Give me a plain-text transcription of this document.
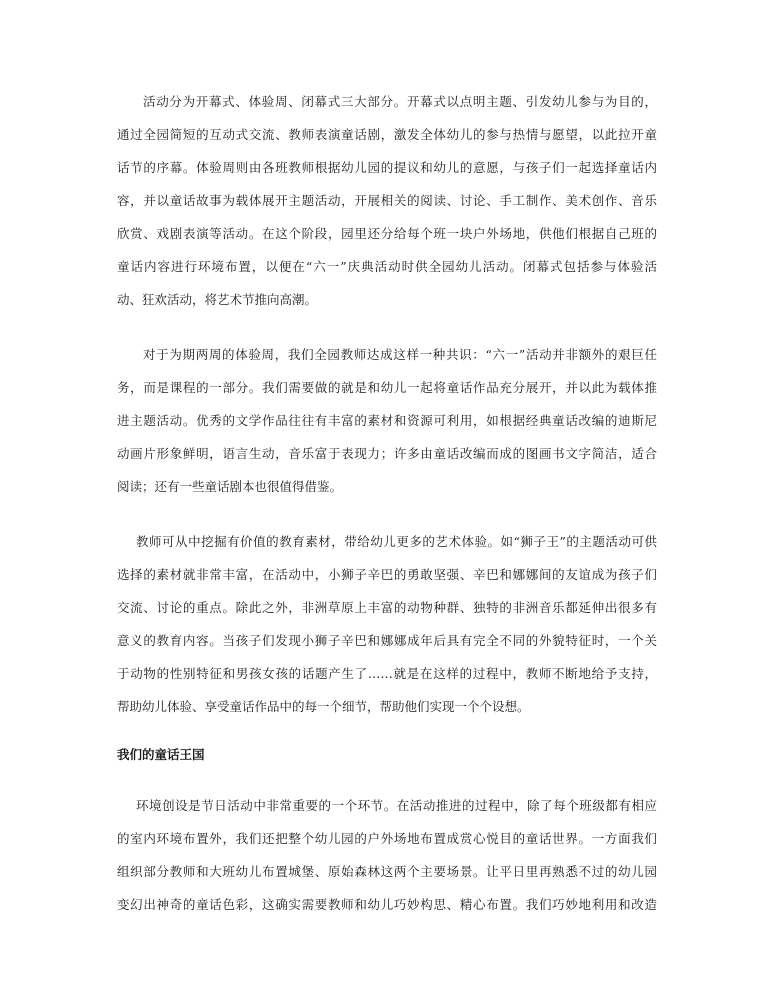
活动分为开幕式、体验周、闭幕式三大部分。开幕式以点明主题、引发幼儿参与为目的，
通过全园简短的互动式交流、教师表演童话剧，激发全体幼儿的参与热情与愿望，以此拉开童
话节的序幕。体验周则由各班教师根据幼儿园的提议和幼儿的意愿，与孩子们一起选择童话内
容，并以童话故事为载体展开主题活动，开展相关的阅读、讨论、手工制作、美术创作、音乐
欣赏、戏剧表演等活动。在这个阶段，园里还分给每个班一块户外场地，供他们根据自己班的
童话内容进行环境布置，以便在“六一”庆典活动时供全园幼儿活动。闭幕式包括参与体验活
动、狂欢活动，将艺术节推向高潮。
对于为期两周的体验周，我们全园教师达成这样一种共识：“六一”活动并非额外的艰巨任
务，而是课程的一部分。我们需要做的就是和幼儿一起将童话作品充分展开，并以此为载体推
进主题活动。优秀的文学作品往往有丰富的素材和资源可利用，如根据经典童话改编的迪斯尼
动画片形象鲜明，语言生动，音乐富于表现力；许多由童话改编而成的图画书文字简洁，适合
阅读；还有一些童话剧本也很值得借鉴。
教师可从中挖掘有价值的教育素材，带给幼儿更多的艺术体验。如“狮子王”的主题活动可供
选择的素材就非常丰富，在活动中，小狮子辛巴的勇敢坚强、辛巴和娜娜间的友谊成为孩子们
交流、讨论的重点。除此之外，非洲草原上丰富的动物种群、独特的非洲音乐都延伸出很多有
意义的教育内容。当孩子们发现小狮子辛巴和娜娜成年后具有完全不同的外貌特征时，一个关
于动物的性别特征和男孩女孩的话题产生了……就是在这样的过程中，教师不断地给予支持，
帮助幼儿体验、享受童话作品中的每一个细节，帮助他们实现一个个设想。
我们的童话王国
环境创设是节日活动中非常重要的一个环节。在活动推进的过程中，除了每个班级都有相应
的室内环境布置外，我们还把整个幼儿园的户外场地布置成赏心悦目的童话世界。一方面我们
组织部分教师和大班幼儿布置城堡、原始森林这两个主要场景。让平日里再熟悉不过的幼儿园
变幻出神奇的童话色彩，这确实需要教师和幼儿巧妙构思、精心布置。我们巧妙地利用和改造
